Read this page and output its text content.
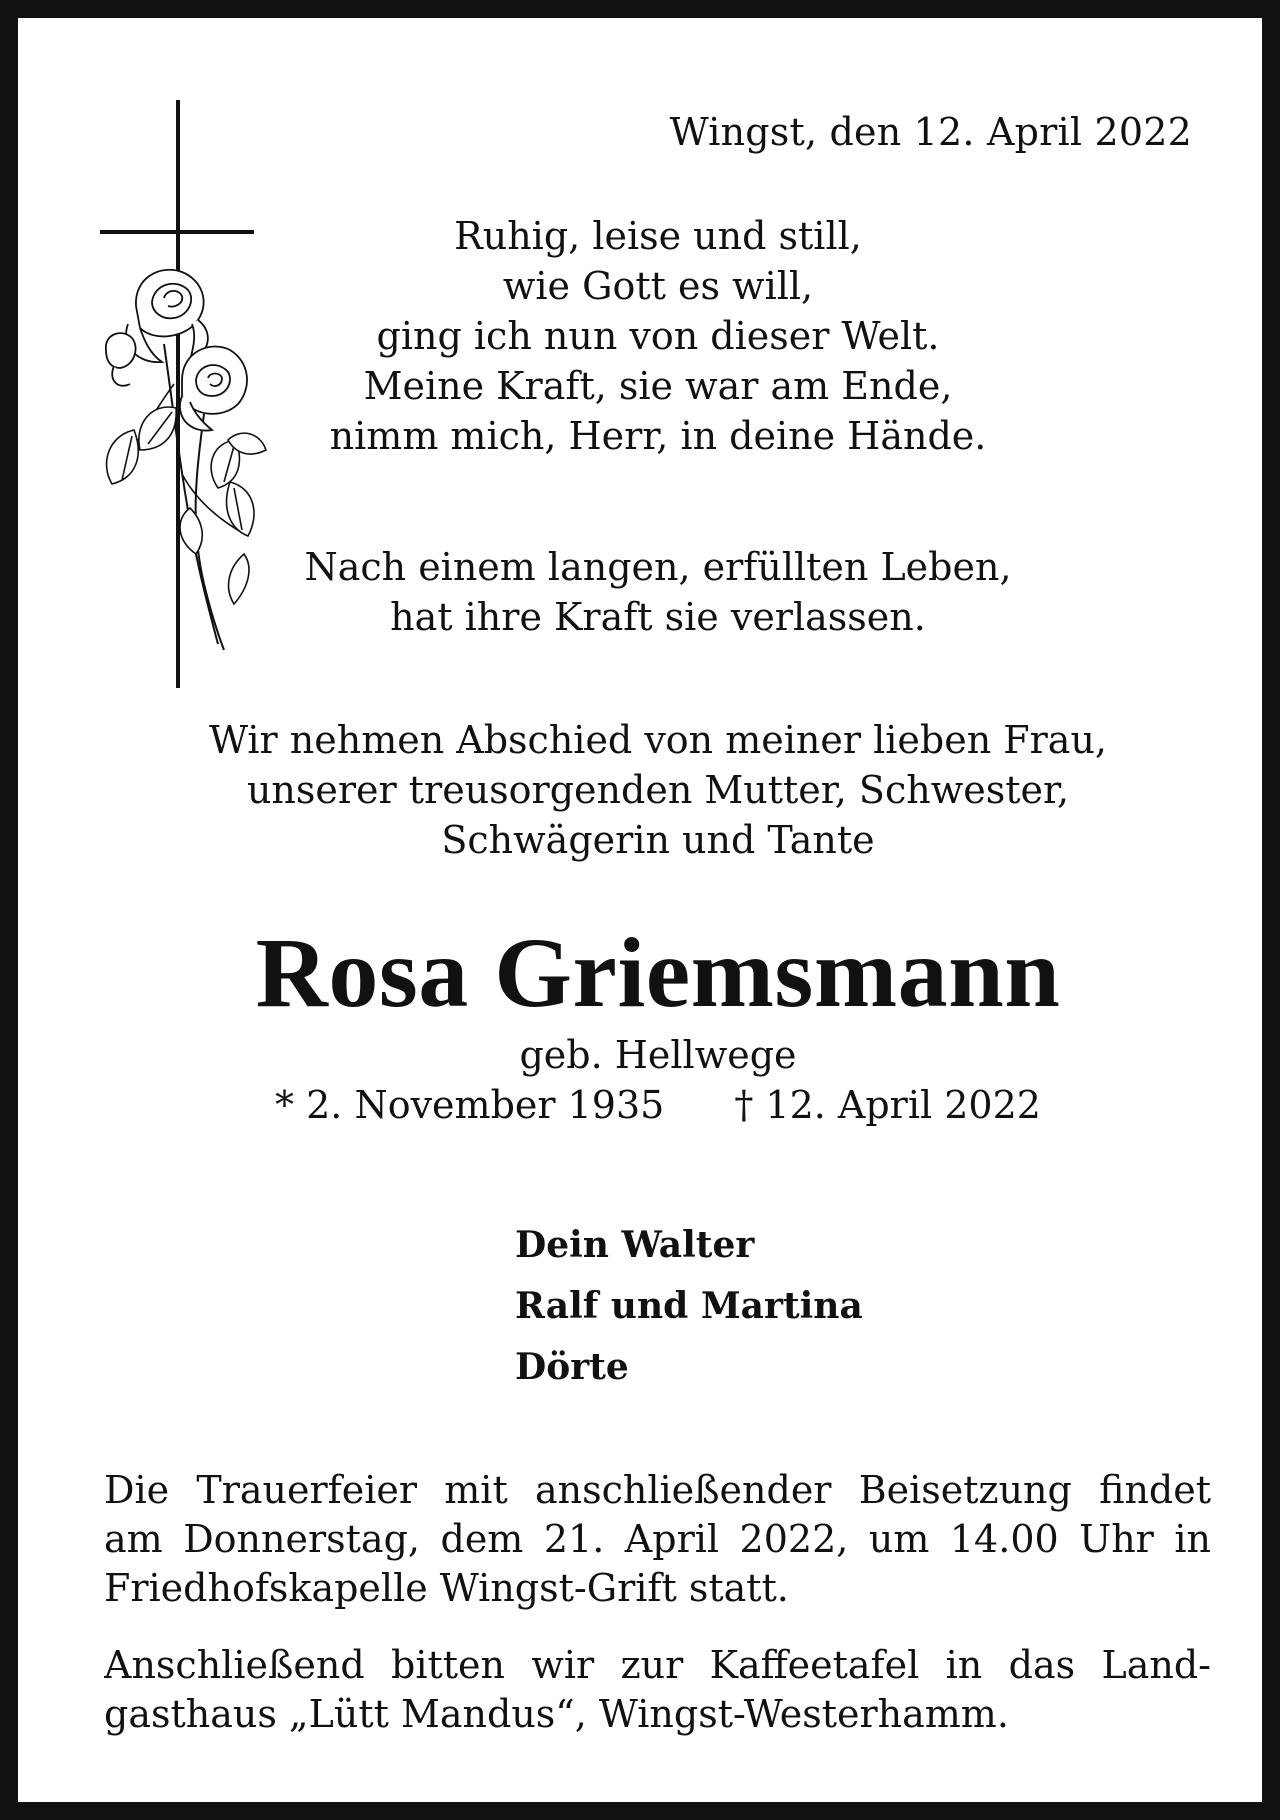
Wingst, den 12. April 2022
Ruhig, leise und still,
wie Gott es will,
ging ich nun von dieser Welt.
Meine Kraft, sie war am Ende,
nimm mich, Herr, in deine Hände.
Nach einem langen, erfüllten Leben,
hat ihre Kraft sie verlassen.
Wir nehmen Abschied von meiner lieben Frau,
unserer treusorgenden Mutter, Schwester,
Schwägerin und Tante
Rosa Griemsmann
geb. Hellwege
* 2. November 1935 † 12. April 2022
Dein Walter
Ralf und Martina
Dörte
Die Trauerfeier mit anschließender Beisetzung findet
am Donnerstag, dem 21. April 2022, um 14.00 Uhr in
Friedhofskapelle Wingst-Grift statt.
Anschließend bitten wir zur Kaffeetafel in das Land-
gasthaus „Lütt Mandus“, Wingst-Westerhamm.
